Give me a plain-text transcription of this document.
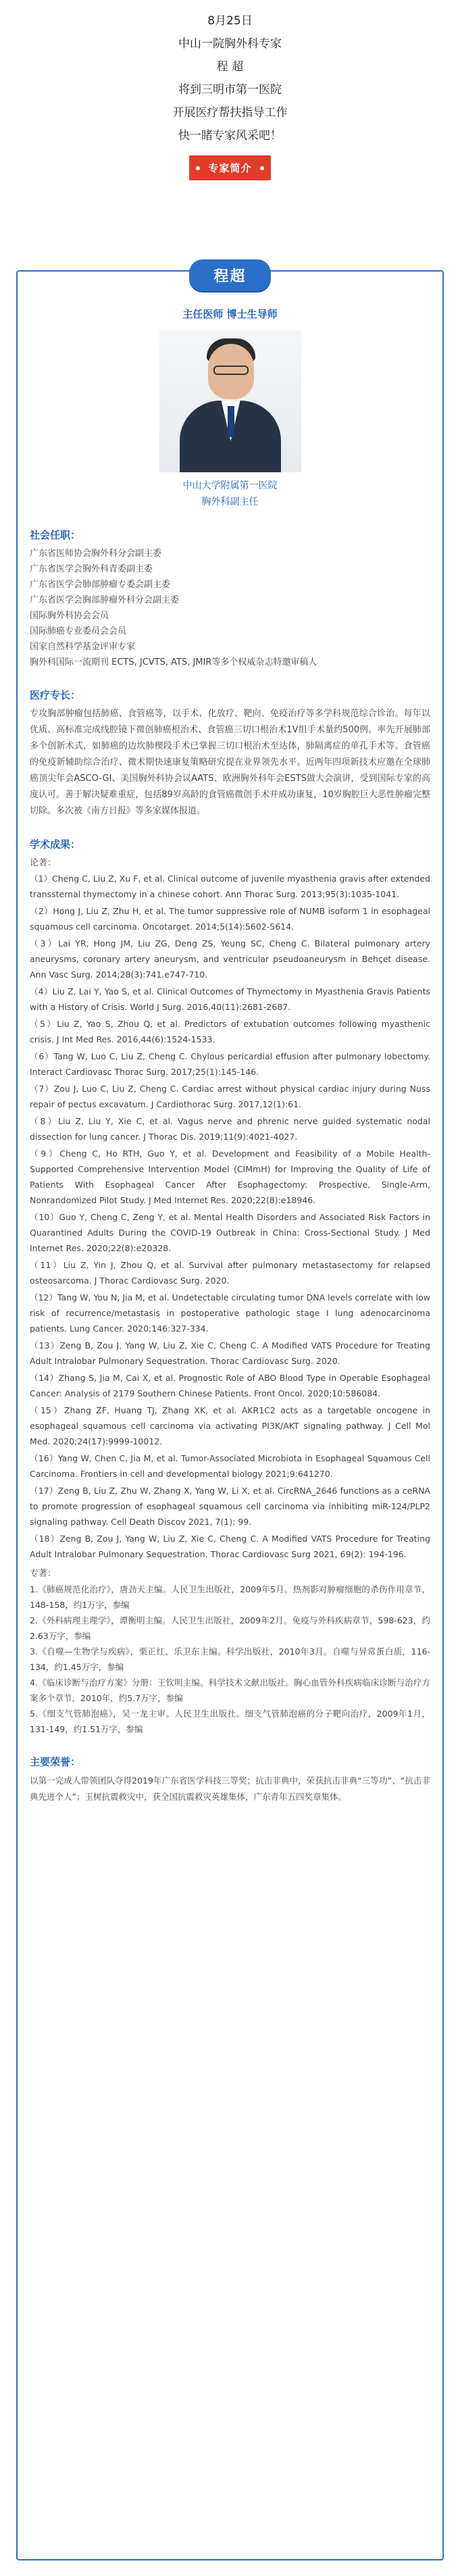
8月25日
中山一院胸外科专家
程 超
将到三明市第一医院
开展医疗帮扶指导工作
快一睹专家风采吧！
专家简介
程超
主任医师 博士生导师
中山大学附属第一医院
胸外科副主任
社会任职：
广东省医师协会胸外科分会副主委
广东省医学会胸外科青委副主委
广东省医学会肺部肿瘤专委会副主委
广东省医学会胸部肿瘤外科分会副主委
国际胸外科协会会员
国际肺癌专业委员会会员
国家自然科学基金评审专家
胸外科国际一流期刊 ECTS, JCVTS, ATS, JMIR等多个权威杂志特邀审稿人
医疗专长：
专攻胸部肿瘤包括肺癌、食管癌等，以手术、化放疗、靶向、免疫治疗等多学科规范综合诊治。每年以优质、高标准完成线腔镜下微创肺癌根治术、食管癌三切口根治术1V组手术量约500例。率先开展肺部多个创新术式，如肺癌的边坎肺楔段手术已掌握三切口根治术至达体，肺隔离症的单孔手术等。食管癌的免疫新辅助综合治疗、微术期快速康复策略研究提在业界领先水平。近两年四项新技术应邀在全球肺癌顶尖年会ASCO-GI、美国胸外科协会议AATS、欧洲胸外科年会ESTS做大会演讲，受到国际专家的高度认可。善于解决疑难重症，包括89岁高龄的食管癌微创手术并成功康复，10岁胸腔巨大恶性肿瘤完整切除。多次被《南方日报》等多家媒体报道。
学术成果：
论著：
（1）Cheng C, Liu Z, Xu F, et al. Clinical outcome of juvenile myasthenia gravis after extended transsternal thymectomy in a chinese cohort. Ann Thorac Surg. 2013;95(3):1035-1041.
（2）Hong J, Liu Z, Zhu H, et al. The tumor suppressive role of NUMB isoform 1 in esophageal squamous cell carcinoma. Oncotarget. 2014;5(14):5602-5614.
（3）Lai YR, Hong JM, Liu ZG, Deng ZS, Yeung SC, Cheng C. Bilateral pulmonary artery aneurysms, coronary artery aneurysm, and ventricular pseudoaneurysm in Behçet disease. Ann Vasc Surg. 2014;28(3):741.e747-710.
（4）Liu Z, Lai Y, Yao S, et al. Clinical Outcomes of Thymectomy in Myasthenia Gravis Patients with a History of Crisis. World J Surg. 2016,40(11):2681-2687.
（5）Liu Z, Yao S, Zhou Q, et al. Predictors of extubation outcomes following myasthenic crisis. J Int Med Res. 2016,44(6):1524-1533.
（6）Tang W, Luo C, Liu Z, Cheng C. Chylous pericardial effusion after pulmonary lobectomy. Interact Cardiovasc Thorac Surg. 2017;25(1):145-146.
（7）Zou J, Luo C, Liu Z, Cheng C. Cardiac arrest without physical cardiac injury during Nuss repair of pectus excavatum. J Cardiothorac Surg. 2017,12(1):61.
（8）Liu Z, Liu Y, Xie C, et al. Vagus nerve and phrenic nerve guided systematic nodal dissection for lung cancer. J Thorac Dis. 2019;11(9):4021-4027.
（9）Cheng C, Ho RTH, Guo Y, et al. Development and Feasibility of a Mobile Health-Supported Comprehensive Intervention Model (CIMmH) for Improving the Quality of Life of Patients With Esophageal Cancer After Esophagectomy: Prospective, Single-Arm, Nonrandomized Pilot Study. J Med Internet Res. 2020;22(8):e18946.
（10）Guo Y, Cheng C, Zeng Y, et al. Mental Health Disorders and Associated Risk Factors in Quarantined Adults During the COVID-19 Outbreak in China: Cross-Sectional Study. J Med Internet Res. 2020;22(8):e20328.
（11）Liu Z, Yin J, Zhou Q, et al. Survival after pulmonary metastasectomy for relapsed osteosarcoma. J Thorac Cardiovasc Surg. 2020.
（12）Tang W, You N, Jia M, et al. Undetectable circulating tumor DNA levels correlate with low risk of recurrence/metastasis in postoperative pathologic stage I lung adenocarcinoma patients. Lung Cancer. 2020;146:327-334.
（13）Zeng B, Zou J, Yang W, Liu Z, Xie C, Cheng C. A Modified VATS Procedure for Treating Adult Intralobar Pulmonary Sequestration. Thorac Cardiovasc Surg. 2020.
（14）Zhang S, Jia M, Cai X, et al. Prognostic Role of ABO Blood Type in Operable Esophageal Cancer: Analysis of 2179 Southern Chinese Patients. Front Oncol. 2020;10:586084.
（15）Zhang ZF, Huang TJ, Zhang XK, et al. AKR1C2 acts as a targetable oncogene in esophageal squamous cell carcinoma via activating PI3K/AKT signaling pathway. J Cell Mol Med. 2020;24(17):9999-10012.
（16）Yang W, Chen C, Jia M, et al. Tumor-Associated Microbiota in Esophageal Squamous Cell Carcinoma. Frontiers in cell and developmental biology 2021;9:641270.
（17）Zeng B, Liu Z, Zhu W, Zhang X, Yang W, Li X, et al. CircRNA_2646 functions as a ceRNA to promote progression of esophageal squamous cell carcinoma via inhibiting miR-124/PLP2 signaling pathway. Cell Death Discov 2021, 7(1): 99.
（18）Zeng B, Zou J, Yang W, Liu Z, Xie C, Cheng C. A Modified VATS Procedure for Treating Adult Intralobar Pulmonary Sequestration. Thorac Cardiovasc Surg 2021, 69(2): 194-196.
专著：
1.《肺癌规范化治疗》，唐劲天主编。人民卫生出版社，2009年5月。热剂影对肿瘤细胞的杀伤作用章节，148-158，约1万字，参编
2.《外科病理主理学》，谭衡明主编。人民卫生出版社，2009年2月。免疫与外科疾病章节，598-623，约2.63万字，参编
3.《自噬—生物学与疾病》，栗正红、乐卫东主编。科学出版社，2010年3月。自噬与异常蛋白质，116-134，约1.45万字，参编
4.《临床诊断与治疗方案》分册：王钦明主编。科学技术文献出版社。胸心血管外科疾病临床诊断与治疗方案多个章节，2010年，约5.7万字，参编
5.《细支气管肺泡癌》，吴一龙主审。人民卫生出版社。细支气管肺泡癌的分子靶向治疗，2009年1月，131-149，约1.51万字，参编
主要荣誉：
以第一完成人带领团队夺得2019年广东省医学科技三等奖；抗击非典中，荣获抗击非典“三等功”、“抗击非典先进个人”；玉树抗震救灾中，获全国抗震救灾英雄集体，广东青年五四奖章集体。
